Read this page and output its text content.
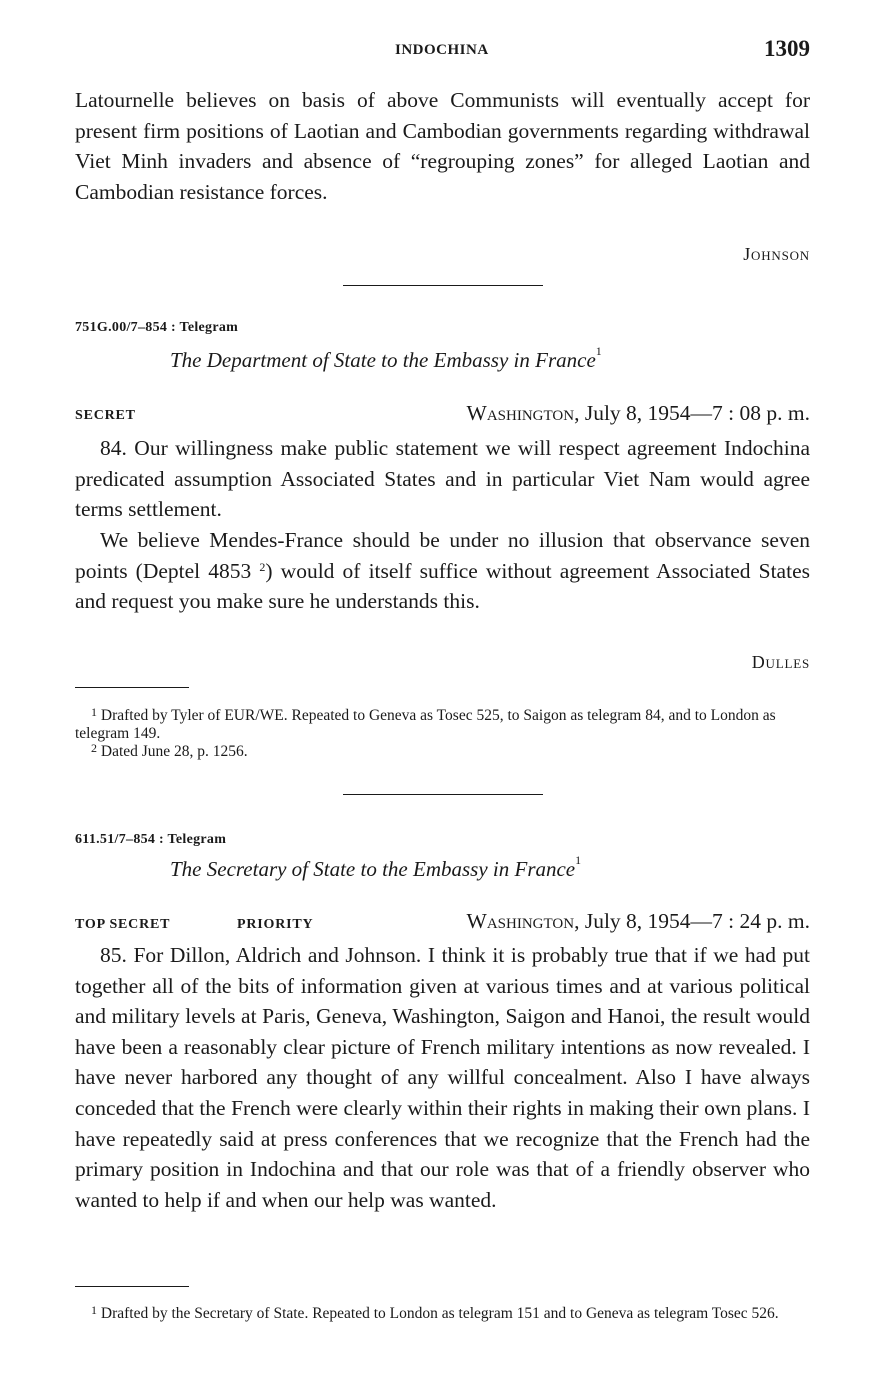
INDOCHINA	1309

Latournelle believes on basis of above Communists will eventually accept for present firm positions of Laotian and Cambodian governments regarding withdrawal Viet Minh invaders and absence of “regrouping zones” for alleged Laotian and Cambodian resistance forces.

Johnson
751G.00/7–854 : Telegram
The Department of State to the Embassy in France$^1$
SECRET	Washington, July 8, 1954—7 : 08 p. m.

84. Our willingness make public statement we will respect agreement Indochina predicated assumption Associated States and in particular Viet Nam would agree terms settlement.

We believe Mendes-France should be under no illusion that observance seven points (Deptel 4853 $^2$) would of itself suffice without agreement Associated States and request you make sure he understands this.

Dulles
$^1$ Drafted by Tyler of EUR/WE. Repeated to Geneva as Tosec 525, to Saigon as telegram 84, and to London as telegram 149.
$^2$ Dated June 28, p. 1256.
611.51/7–854 : Telegram
The Secretary of State to the Embassy in France$^1$
TOP SECRET	PRIORITY	Washington, July 8, 1954—7 : 24 p. m.

85. For Dillon, Aldrich and Johnson. I think it is probably true that if we had put together all of the bits of information given at various times and at various political and military levels at Paris, Geneva, Washington, Saigon and Hanoi, the result would have been a reasonably clear picture of French military intentions as now revealed. I have never harbored any thought of any willful concealment. Also I have always conceded that the French were clearly within their rights in making their own plans. I have repeatedly said at press conferences that we recognize that the French had the primary position in Indochina and that our role was that of a friendly observer who wanted to help if and when our help was wanted.

$^1$ Drafted by the Secretary of State. Repeated to London as telegram 151 and to Geneva as telegram Tosec 526.
